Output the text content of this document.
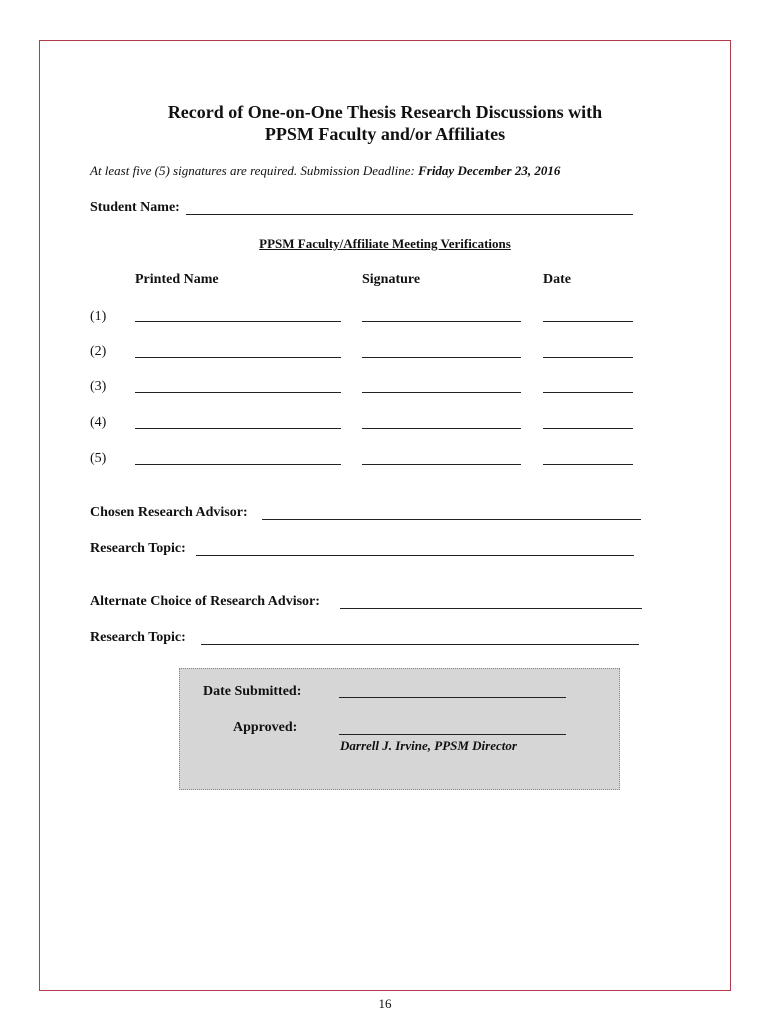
Record of One-on-One Thesis Research Discussions with
PPSM Faculty and/or Affiliates
At least five (5) signatures are required. Submission Deadline: Friday December 23, 2016
Student Name:
PPSM Faculty/Affiliate Meeting Verifications
Printed Name	Signature	Date
(1)
(2)
(3)
(4)
(5)
Chosen Research Advisor:
Research Topic:
Alternate Choice of Research Advisor:
Research Topic:
Date Submitted:
Approved:
Darrell J. Irvine, PPSM Director
16
